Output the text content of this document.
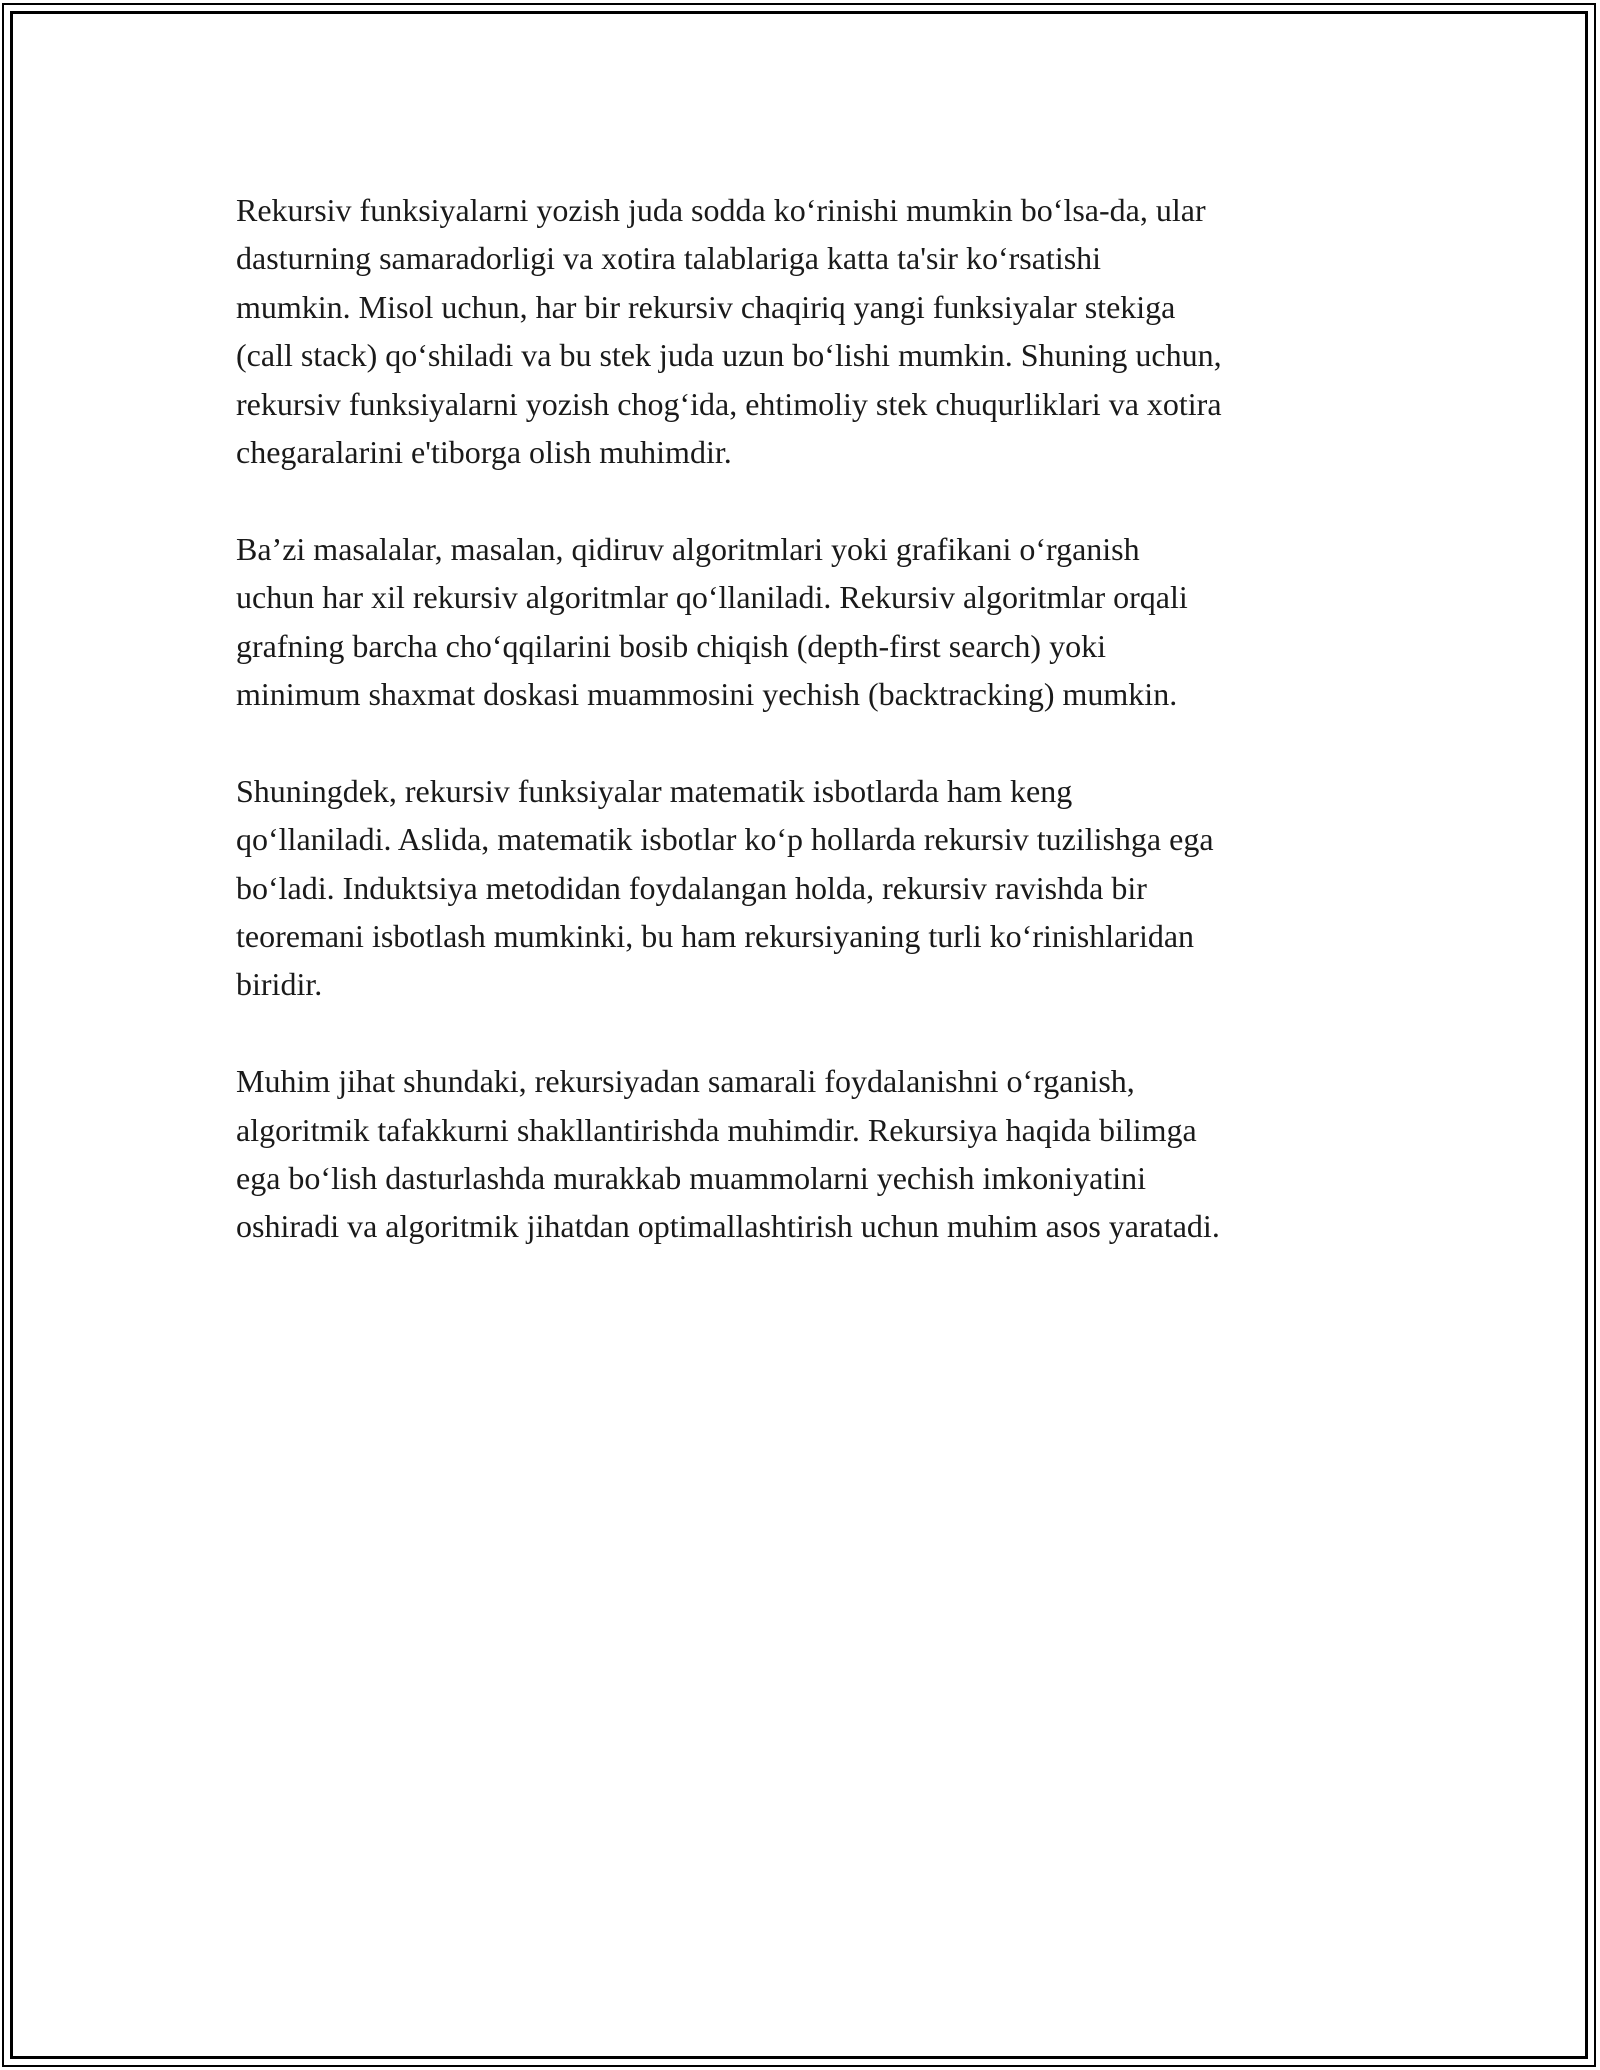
Rekursiv funksiyalarni yozish juda sodda ko‘rinishi mumkin bo‘lsa-da, ular
dasturning samaradorligi va xotira talablariga katta ta'sir ko‘rsatishi
mumkin. Misol uchun, har bir rekursiv chaqiriq yangi funksiyalar stekiga
(call stack) qo‘shiladi va bu stek juda uzun bo‘lishi mumkin. Shuning uchun,
rekursiv funksiyalarni yozish chog‘ida, ehtimoliy stek chuqurliklari va xotira
chegaralarini e'tiborga olish muhimdir.

Ba’zi masalalar, masalan, qidiruv algoritmlari yoki grafikani o‘rganish
uchun har xil rekursiv algoritmlar qo‘llaniladi. Rekursiv algoritmlar orqali
grafning barcha cho‘qqilarini bosib chiqish (depth-first search) yoki
minimum shaxmat doskasi muammosini yechish (backtracking) mumkin.

Shuningdek, rekursiv funksiyalar matematik isbotlarda ham keng
qo‘llaniladi. Aslida, matematik isbotlar ko‘p hollarda rekursiv tuzilishga ega
bo‘ladi. Induktsiya metodidan foydalangan holda, rekursiv ravishda bir
teoremani isbotlash mumkinki, bu ham rekursiyaning turli ko‘rinishlaridan
biridir.

Muhim jihat shundaki, rekursiyadan samarali foydalanishni o‘rganish,
algoritmik tafakkurni shakllantirishda muhimdir. Rekursiya haqida bilimga
ega bo‘lish dasturlashda murakkab muammolarni yechish imkoniyatini
oshiradi va algoritmik jihatdan optimallashtirish uchun muhim asos yaratadi.
